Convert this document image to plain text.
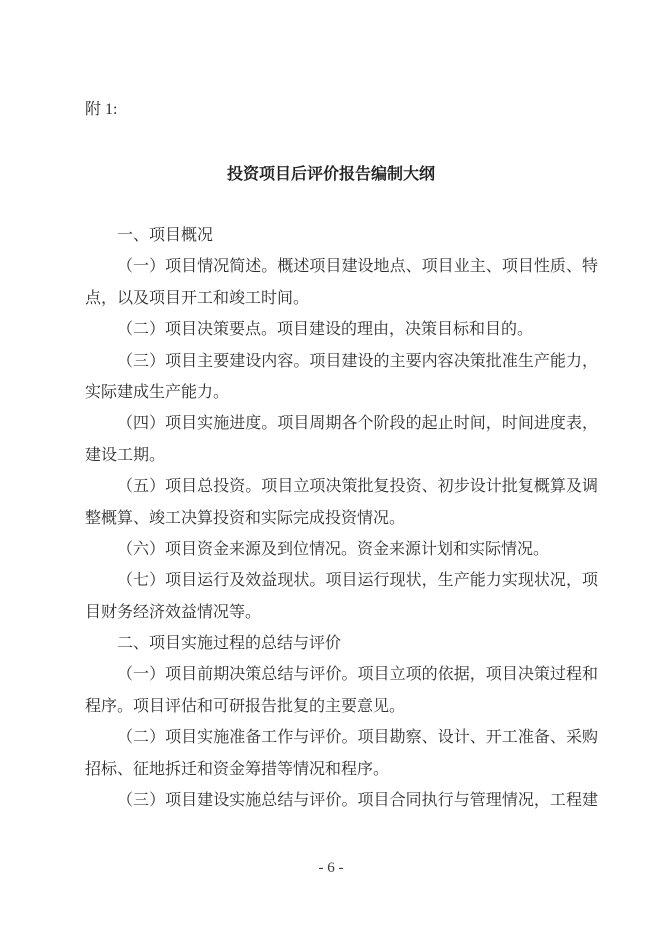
附 1:
投资项目后评价报告编制大纲
一、项目概况
（一）项目情况简述。概述项目建设地点、项目业主、项目性质、特
点，以及项目开工和竣工时间。
（二）项目决策要点。项目建设的理由，决策目标和目的。
（三）项目主要建设内容。项目建设的主要内容决策批准生产能力，
实际建成生产能力。
（四）项目实施进度。项目周期各个阶段的起止时间，时间进度表，
建设工期。
（五）项目总投资。项目立项决策批复投资、初步设计批复概算及调
整概算、竣工决算投资和实际完成投资情况。
（六）项目资金来源及到位情况。资金来源计划和实际情况。
（七）项目运行及效益现状。项目运行现状，生产能力实现状况，项
目财务经济效益情况等。
二、项目实施过程的总结与评价
（一）项目前期决策总结与评价。项目立项的依据，项目决策过程和
程序。项目评估和可研报告批复的主要意见。
（二）项目实施准备工作与评价。项目勘察、设计、开工准备、采购
招标、征地拆迁和资金筹措等情况和程序。
（三）项目建设实施总结与评价。项目合同执行与管理情况，工程建
- 6 -
